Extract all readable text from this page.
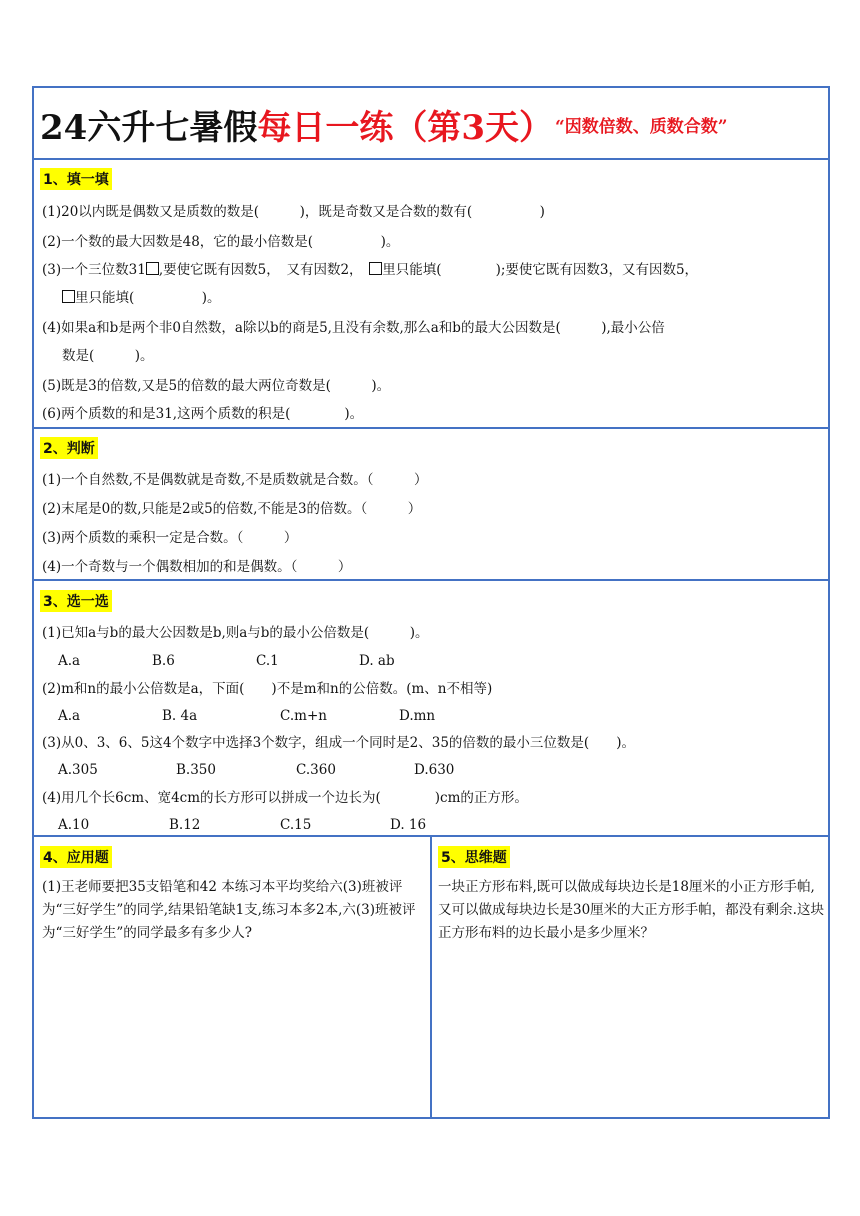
24六升七暑假 每日一练（第3天） “因数倍数、质数合数”
1、填一填
(1)20以内既是偶数又是质数的数是(　　　)，既是奇数又是合数的数有(　　　　　)
(2)一个数的最大因数是48，它的最小倍数是(　　　　　)。
(3)一个三位数31 ,要使它既有因数5，　又有因数2，　里只能填(　　　　);要使它既有因数3，又有因数5，
里只能填(　　　　　)。
(4)如果a和b是两个非0自然数，a除以b的商是5,且没有余数,那么a和b的最大公因数是(　　　),最小公倍
数是(　　　)。
(5)既是3的倍数,又是5的倍数的最大两位奇数是(　　　)。
(6)两个质数的和是31,这两个质数的积是(　　　　)。
2、判断
(1)一个自然数,不是偶数就是奇数,不是质数就是合数。（　　　）
(2)末尾是0的数,只能是2或5的倍数,不能是3的倍数。（　　　）
(3)两个质数的乘积一定是合数。（　　　）
(4)一个奇数与一个偶数相加的和是偶数。（　　　）
3、选一选
(1)已知a与b的最大公因数是b,则a与b的最小公倍数是(　　　)。
A.a	B.6	C.1	D. ab
(2)m和n的最小公倍数是a，下面(　　)不是m和n的公倍数。(m、n不相等)
A.a	B. 4a	C.m+n	D.mn
(3)从0、3、6、5这4个数字中选择3个数字，组成一个同时是2、35的倍数的最小三位数是(　　)。
A.305	B.350	C.360	D.630
(4)用几个长6cm、宽4cm的长方形可以拼成一个边长为(　　　　)cm的正方形。
A.10	B.12	C.15	D. 16
4、应用题
(1)王老师要把35支铅笔和42 本练习本平均奖给六(3)班被评为“三好学生”的同学,结果铅笔缺1支,练习本多2本,六(3)班被评为“三好学生”的同学最多有多少人?
5、思维题
一块正方形布料,既可以做成每块边长是18厘米的小正方形手帕,又可以做成每块边长是30厘米的大正方形手帕，都没有剩余.这块正方形布料的边长最小是多少厘米？
